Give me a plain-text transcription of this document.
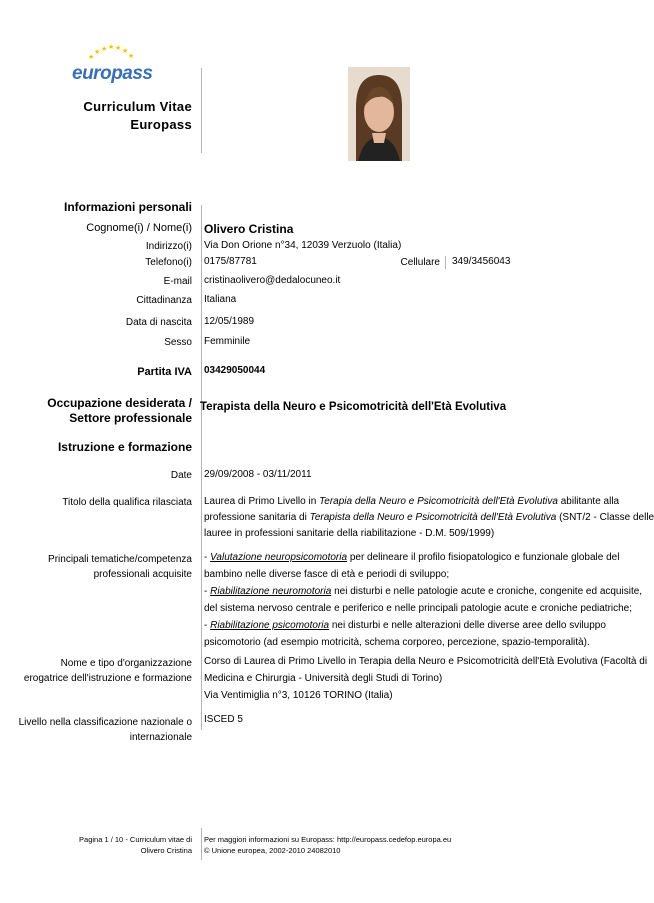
★
★ ★ ★ ★ ★
★
europass
Curriculum Vitae
Europass
Informazioni personali
Cognome(i) / Nome(i) Olivero Cristina
Indirizzo(i) Via Don Orione n°34, 12039 Verzuolo (Italia)
Telefono(i) 0175/87781	Cellulare 349/3456043
E-mail cristinaolivero@dedalocuneo.it
Cittadinanza Italiana
Data di nascita 12/05/1989
Sesso Femminile
Partita IVA 03429050044
Occupazione desiderata /
Settore professionale
Terapista della Neuro e Psicomotricità dell'Età Evolutiva
Istruzione e formazione
Date 29/09/2008 - 03/11/2011
Titolo della qualifica rilasciata Laurea di Primo Livello in Terapia della Neuro e Psicomotricità dell'Età Evolutiva abilitante alla
professione sanitaria di Terapista della Neuro e Psicomotricità dell'Età Evolutiva (SNT/2 - Classe delle
lauree in professioni sanitarie della riabilitazione - D.M. 509/1999)
Principali tematiche/competenza
professionali acquisite
- Valutazione neuropsicomotoria per delineare il profilo fisiopatologico e funzionale globale del
bambino nelle diverse fasce di età e periodi di sviluppo;
- Riabilitazione neuromotoria nei disturbi e nelle patologie acute e croniche, congenite ed acquisite,
del sistema nervoso centrale e periferico e nelle principali patologie acute e croniche pediatriche;
- Riabilitazione psicomotoria nei disturbi e nelle alterazioni delle diverse aree dello sviluppo
psicomotorio (ad esempio motricità, schema corporeo, percezione, spazio-temporalità).
Nome e tipo d'organizzazione
erogatrice dell'istruzione e formazione
Corso di Laurea di Primo Livello in Terapia della Neuro e Psicomotricità dell'Età Evolutiva (Facoltà di
Medicina e Chirurgia - Università degli Studi di Torino)
Via Ventimiglia n°3, 10126 TORINO (Italia)
Livello nella classificazione nazionale o
internazionale
ISCED 5
Pagina 1 / 10 - Curriculum vitae di
Olivero Cristina
Per maggiori informazioni su Europass: http://europass.cedefop.europa.eu
© Unione europea, 2002-2010 24082010
